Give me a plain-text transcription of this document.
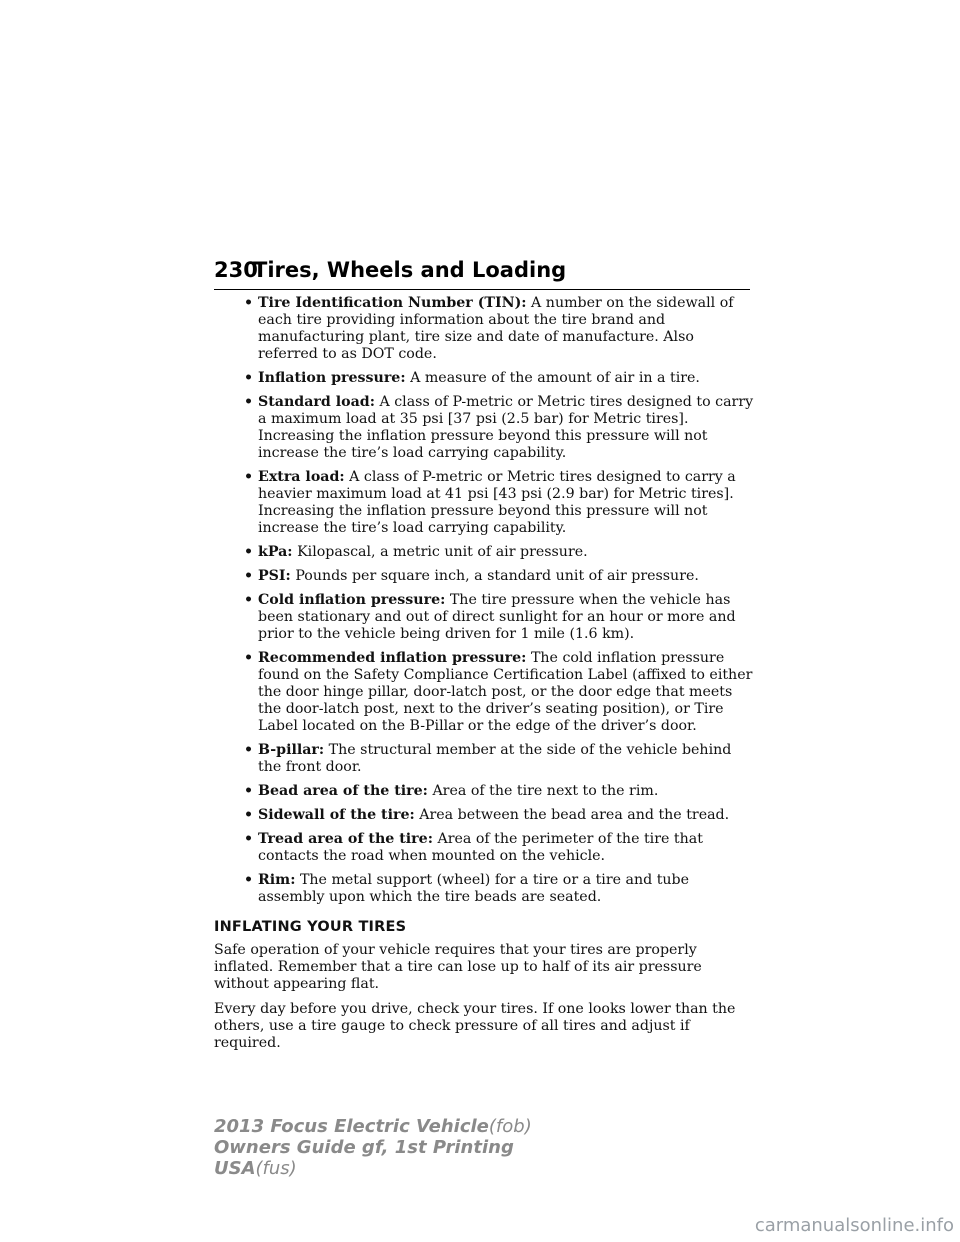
230
Tires, Wheels and Loading
• Tire Identification Number (TIN): A number on the sidewall of each tire providing information about the tire brand and manufacturing plant, tire size and date of manufacture. Also referred to as DOT code.
• Inflation pressure: A measure of the amount of air in a tire.
• Standard load: A class of P-metric or Metric tires designed to carry a maximum load at 35 psi [37 psi (2.5 bar) for Metric tires]. Increasing the inflation pressure beyond this pressure will not increase the tire’s load carrying capability.
• Extra load: A class of P-metric or Metric tires designed to carry a heavier maximum load at 41 psi [43 psi (2.9 bar) for Metric tires]. Increasing the inflation pressure beyond this pressure will not increase the tire’s load carrying capability.
• kPa: Kilopascal, a metric unit of air pressure.
• PSI: Pounds per square inch, a standard unit of air pressure.
• Cold inflation pressure: The tire pressure when the vehicle has been stationary and out of direct sunlight for an hour or more and prior to the vehicle being driven for 1 mile (1.6 km).
• Recommended inflation pressure: The cold inflation pressure found on the Safety Compliance Certification Label (affixed to either the door hinge pillar, door-latch post, or the door edge that meets the door-latch post, next to the driver’s seating position), or Tire Label located on the B-Pillar or the edge of the driver’s door.
• B-pillar: The structural member at the side of the vehicle behind the front door.
• Bead area of the tire: Area of the tire next to the rim.
• Sidewall of the tire: Area between the bead area and the tread.
• Tread area of the tire: Area of the perimeter of the tire that contacts the road when mounted on the vehicle.
• Rim: The metal support (wheel) for a tire or a tire and tube assembly upon which the tire beads are seated.
INFLATING YOUR TIRES

Safe operation of your vehicle requires that your tires are properly inflated. Remember that a tire can lose up to half of its air pressure without appearing flat.

Every day before you drive, check your tires. If one looks lower than the others, use a tire gauge to check pressure of all tires and adjust if required.

2013 Focus Electric Vehicle(fob)
Owners Guide gf, 1st Printing
USA(fus)
carmanualsonline.info
